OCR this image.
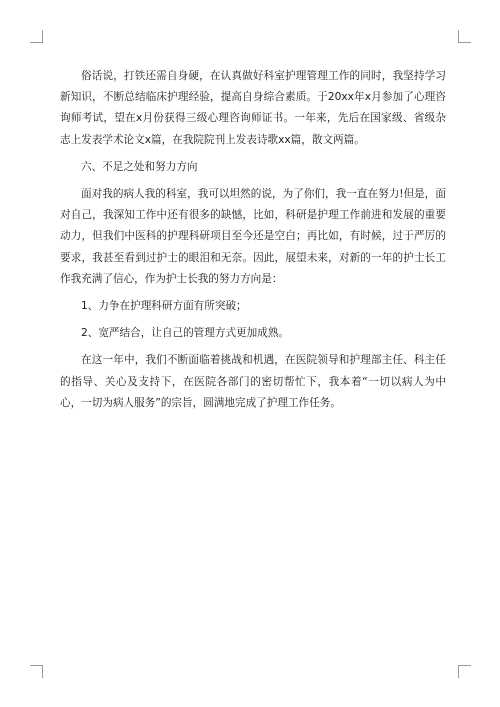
俗话说，打铁还需自身硬，在认真做好科室护理管理工作的同时，我坚持学习新知识，不断总结临床护理经验，提高自身综合素质。于20xx年x月参加了心理咨询师考试，望在x月份获得三级心理咨询师证书。一年来，先后在国家级、省级杂志上发表学术论文x篇，在我院院刊上发表诗歌xx篇，散文两篇。

六、不足之处和努力方向

面对我的病人我的科室，我可以坦然的说，为了你们，我一直在努力!但是，面对自己，我深知工作中还有很多的缺憾，比如，科研是护理工作前进和发展的重要动力，但我们中医科的护理科研项目至今还是空白；再比如，有时候，过于严厉的要求，我甚至看到过护士的眼泪和无奈。因此，展望未来，对新的一年的护士长工作我充满了信心，作为护士长我的努力方向是：

1、力争在护理科研方面有所突破；

2、宽严结合，让自己的管理方式更加成熟。

在这一年中，我们不断面临着挑战和机遇，在医院领导和护理部主任、科主任的指导、关心及支持下，在医院各部门的密切帮忙下，我本着“一切以病人为中心，一切为病人服务”的宗旨，圆满地完成了护理工作任务。
